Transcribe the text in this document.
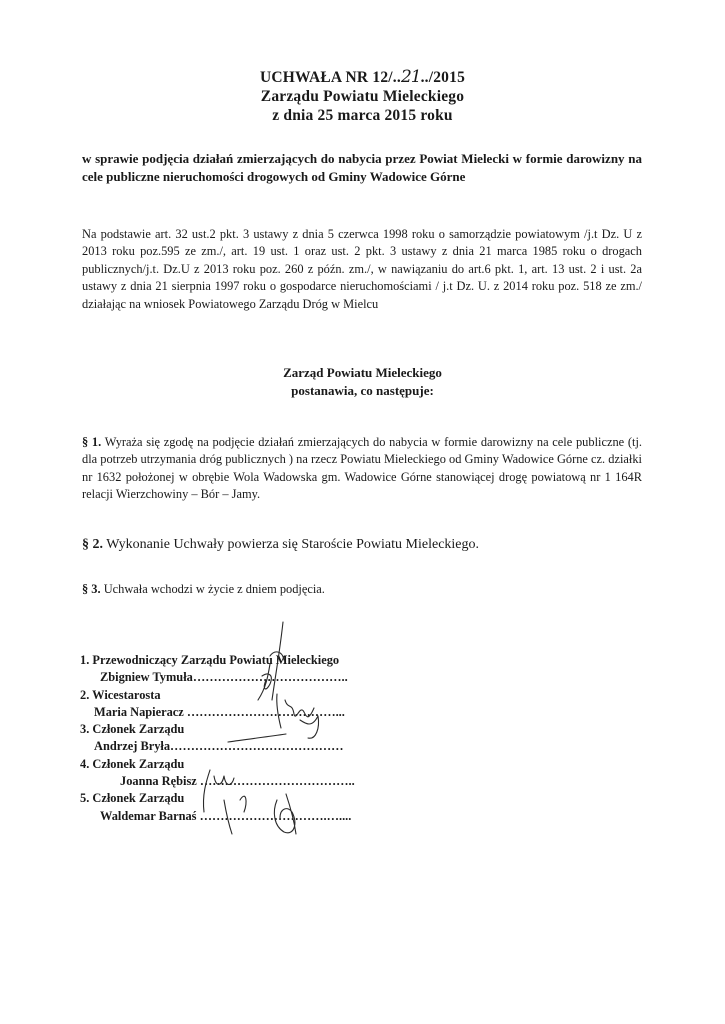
UCHWAŁA NR 12/..21../2015
Zarządu Powiatu Mieleckiego
z dnia 25 marca 2015 roku
w sprawie podjęcia działań zmierzających do nabycia przez Powiat Mielecki w formie darowizny na cele publiczne nieruchomości drogowych od Gminy Wadowice Górne
Na podstawie art. 32 ust.2 pkt. 3 ustawy z dnia 5 czerwca 1998 roku o samorządzie powiatowym /j.t Dz. U z 2013 roku poz.595 ze zm./, art. 19 ust. 1 oraz ust. 2 pkt. 3 ustawy z dnia 21 marca 1985 roku o drogach publicznych/j.t. Dz.U z 2013 roku poz. 260 z późn. zm./, w nawiązaniu do art.6 pkt. 1, art. 13 ust. 2 i ust. 2a ustawy z dnia 21 sierpnia 1997 roku o gospodarce nieruchomościami / j.t Dz. U. z 2014 roku poz. 518 ze zm./ działając na wniosek Powiatowego Zarządu Dróg w Mielcu
Zarząd Powiatu Mieleckiego
postanawia, co następuje:
§ 1. Wyraża się zgodę na podjęcie działań zmierzających do nabycia w formie darowizny na cele publiczne (tj. dla potrzeb utrzymania dróg publicznych ) na rzecz Powiatu Mieleckiego od Gminy Wadowice Górne cz. działki nr 1632 położonej w obrębie Wola Wadowska gm. Wadowice Górne stanowiącej drogę powiatową nr 1 164R relacji Wierzchowiny – Bór – Jamy.
§ 2. Wykonanie Uchwały powierza się Staroście Powiatu Mieleckiego.
§ 3. Uchwała wchodzi w życie z dniem podjęcia.
1. Przewodniczący Zarządu Powiatu Mieleckiego
Zbigniew Tymuła………………………………..
2. Wicestarosta
Maria Napieracz ………………………………...
3. Członek Zarządu
Andrzej Bryła……………………………………
4. Członek Zarządu
Joanna Rębisz ………………………………..
5. Członek Zarządu
Waldemar Barnaś ………………………….…....
